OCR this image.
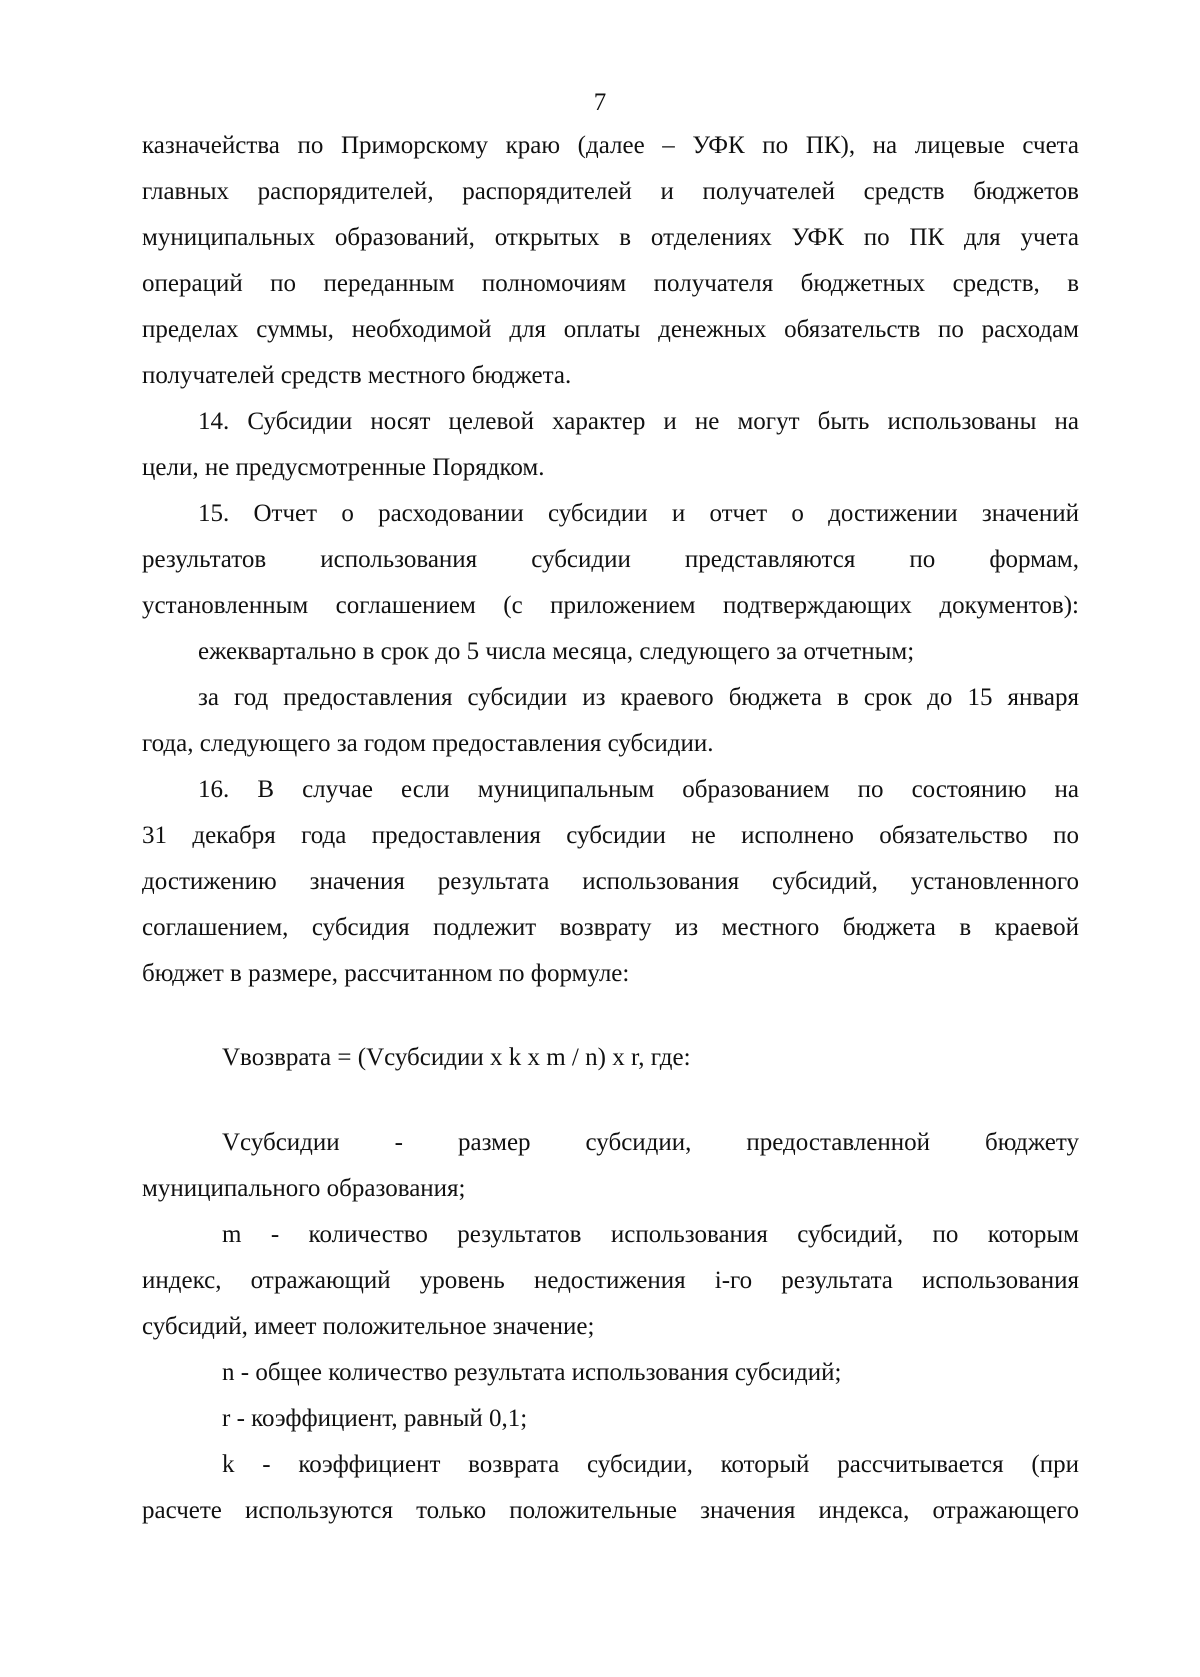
7

казначейства по Приморскому краю (далее – УФК по ПК), на лицевые счета

главных распорядителей, распорядителей и получателей средств бюджетов

муниципальных образований, открытых в отделениях УФК по ПК для учета

операций по переданным полномочиям получателя бюджетных средств, в

пределах суммы, необходимой для оплаты денежных обязательств по расходам

получателей средств местного бюджета.

14. Субсидии носят целевой характер и не могут быть использованы на

цели, не предусмотренные Порядком.

15. Отчет о расходовании субсидии и отчет о достижении значений

результатов использования субсидии представляются по формам,

установленным соглашением (с приложением подтверждающих документов):

ежеквартально в срок до 5 числа месяца, следующего за отчетным;

за год предоставления субсидии из краевого бюджета в срок до 15 января

года, следующего за годом предоставления субсидии.

16. В случае если муниципальным образованием по состоянию на

31 декабря года предоставления субсидии не исполнено обязательство по

достижению значения результата использования субсидий, установленного

соглашением, субсидия подлежит возврату из местного бюджета в краевой

бюджет в размере, рассчитанном по формуле:

Vвозврата = (Vсубсидии x k x m / n) x r, где:

Vсубсидии - размер субсидии, предоставленной бюджету

муниципального образования;

m - количество результатов использования субсидий, по которым

индекс, отражающий уровень недостижения i-го результата использования

субсидий, имеет положительное значение;

n - общее количество результата использования субсидий;

r - коэффициент, равный 0,1;

k - коэффициент возврата субсидии, который рассчитывается (при

расчете используются только положительные значения индекса, отражающего
